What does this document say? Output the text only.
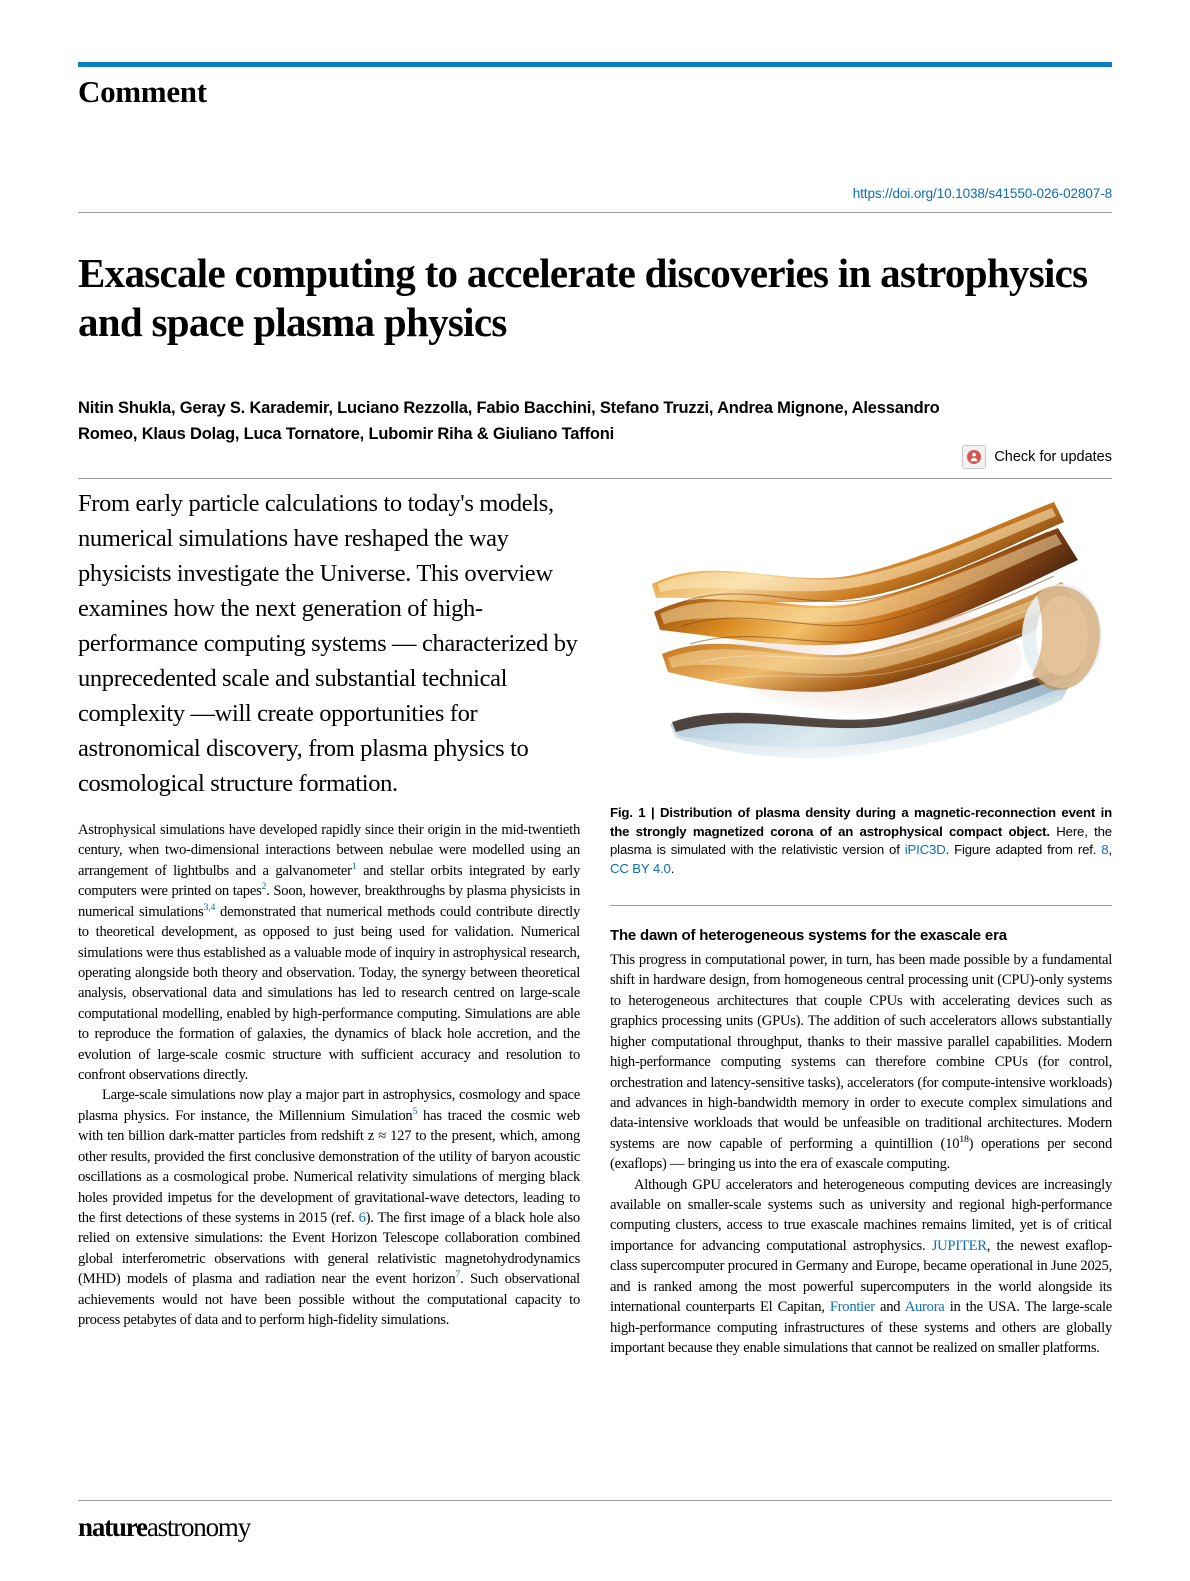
Comment
https://doi.org/10.1038/s41550-026-02807-8
Exascale computing to accelerate discoveries in astrophysics and space plasma physics
Nitin Shukla, Geray S. Karademir, Luciano Rezzolla, Fabio Bacchini, Stefano Truzzi, Andrea Mignone, Alessandro Romeo, Klaus Dolag, Luca Tornatore, Lubomir Riha & Giuliano Taffoni
Check for updates
From early particle calculations to today's models, numerical simulations have reshaped the way physicists investigate the Universe. This overview examines how the next generation of high-performance computing systems — characterized by unprecedented scale and substantial technical complexity —will create opportunities for astronomical discovery, from plasma physics to cosmological structure formation.
Fig. 1 | Distribution of plasma density during a magnetic-reconnection event in the strongly magnetized corona of an astrophysical compact object. Here, the plasma is simulated with the relativistic version of iPIC3D. Figure adapted from ref. 8, CC BY 4.0.

Astrophysical simulations have developed rapidly since their origin in the mid-twentieth century, when two-dimensional interactions between nebulae were modelled using an arrangement of lightbulbs and a galvanometer$^1$ and stellar orbits integrated by early computers were printed on tapes$^2$. Soon, however, breakthroughs by plasma physicists in numerical simulations$^{3,4}$ demonstrated that numerical methods could contribute directly to theoretical development, as opposed to just being used for validation. Numerical simulations were thus established as a valuable mode of inquiry in astrophysical research, operating alongside both theory and observation. Today, the synergy between theoretical analysis, observational data and simulations has led to research centred on large-scale computational modelling, enabled by high-performance computing. Simulations are able to reproduce the formation of galaxies, the dynamics of black hole accretion, and the evolution of large-scale cosmic structure with sufficient accuracy and resolution to confront observations directly.

Large-scale simulations now play a major part in astrophysics, cosmology and space plasma physics. For instance, the Millennium Simulation$^5$ has traced the cosmic web with ten billion dark-matter particles from redshift z ≈ 127 to the present, which, among other results, provided the first conclusive demonstration of the utility of baryon acoustic oscillations as a cosmological probe. Numerical relativity simulations of merging black holes provided impetus for the development of gravitational-wave detectors, leading to the first detections of these systems in 2015 (ref. 6). The first image of a black hole also relied on extensive simulations: the Event Horizon Telescope collaboration combined global interferometric observations with general relativistic magnetohydrodynamics (MHD) models of plasma and radiation near the event horizon$^7$. Such observational achievements would not have been possible without the computational capacity to process petabytes of data and to perform high-fidelity simulations.

The dawn of heterogeneous systems for the exascale era

This progress in computational power, in turn, has been made possible by a fundamental shift in hardware design, from homogeneous central processing unit (CPU)-only systems to heterogeneous architectures that couple CPUs with accelerating devices such as graphics processing units (GPUs). The addition of such accelerators allows substantially higher computational throughput, thanks to their massive parallel capabilities. Modern high-performance computing systems can therefore combine CPUs (for control, orchestration and latency-sensitive tasks), accelerators (for compute-intensive workloads) and advances in high-bandwidth memory in order to execute complex simulations and data-intensive workloads that would be unfeasible on traditional architectures. Modern systems are now capable of performing a quintillion $(10^{18})$ operations per second (exaflops) — bringing us into the era of exascale computing.

Although GPU accelerators and heterogeneous computing devices are increasingly available on smaller-scale systems such as university and regional high-performance computing clusters, access to true exascale machines remains limited, yet is of critical importance for advancing computational astrophysics. JUPITER, the newest exaflop-class supercomputer procured in Germany and Europe, became operational in June 2025, and is ranked among the most powerful supercomputers in the world alongside its international counterparts El Capitan, Frontier and Aurora in the USA. The large-scale high-performance computing infrastructures of these systems and others are globally important because they enable simulations that cannot be realized on smaller platforms.

natureastronomy
